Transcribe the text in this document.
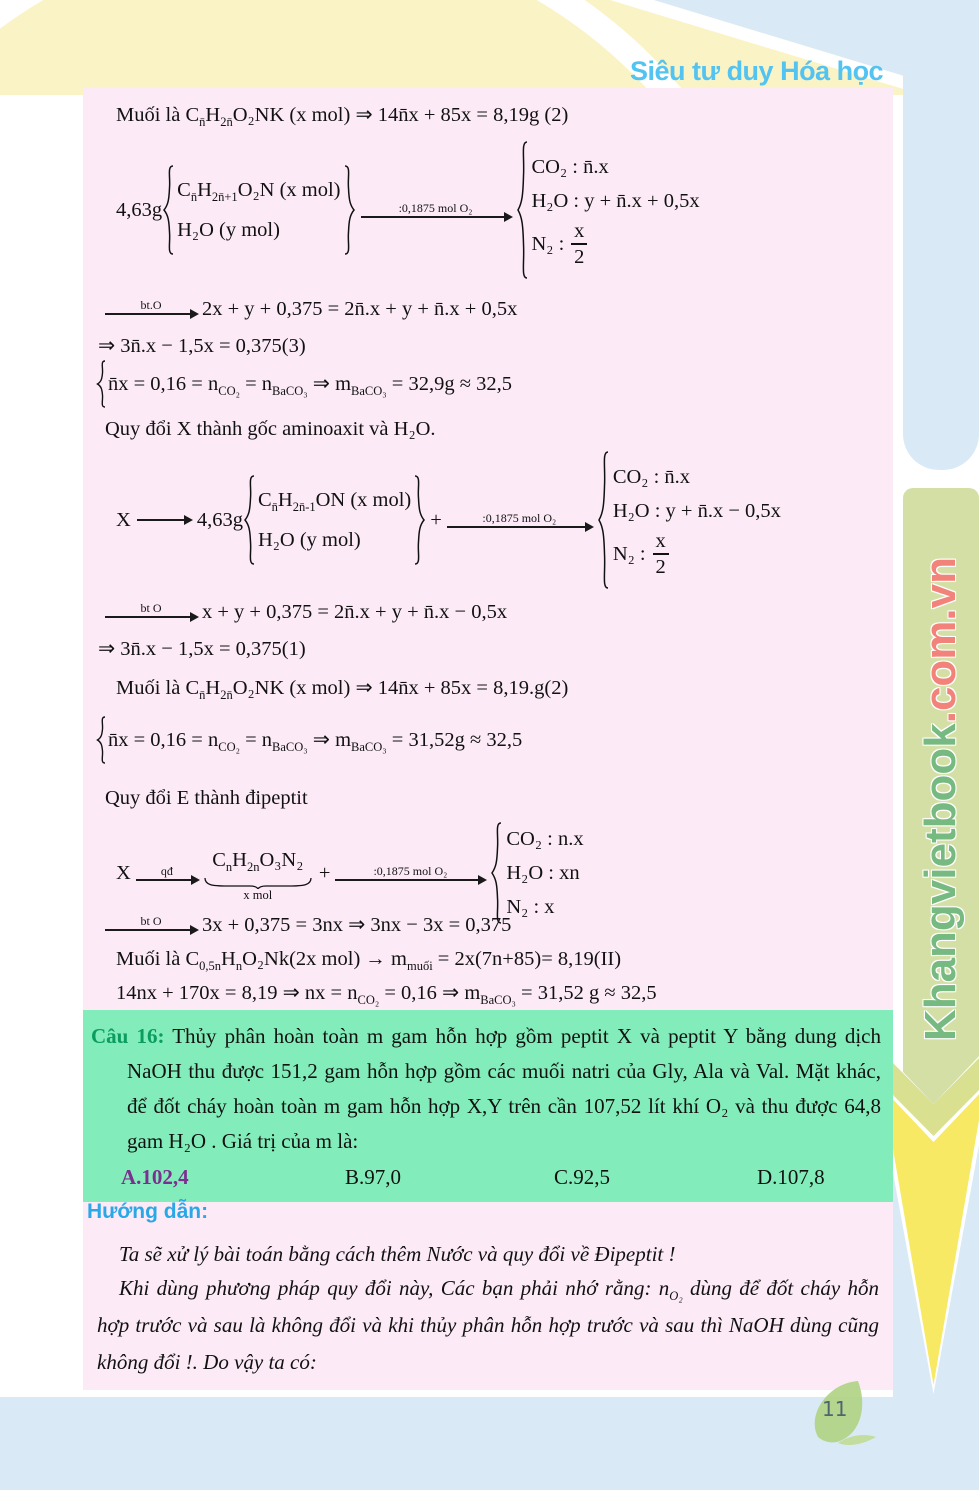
Siêu tư duy Hóa học
Khangvietbook.com.vn
11
Muối là $C_{n̄}H_{2n̄}O_2NK$ (x mol) ⇒ 14n̄x + 85x = 8,19g (2)
4,63g
$C_{n̄}H_{2n̄+1}O_2N$ (x mol)
H₂O (y mol)
:0,1875 mol O₂
CO₂ : n̄.x
H₂O : y + n̄.x + 0,5x
N₂ : $\frac{x}{2}$
bt.O 2x + y + 0,375 = 2n̄.x + y + n̄.x + 0,5x
⇒ 3n̄.x − 1,5x = 0,375(3)
n̄x = $0,16 = n_{CO_2} = n_{BaCO_3}$ ⇒ $m_{BaCO_3} = 32,9g \approx 32,5$
Quy đổi X thành gốc aminoaxit và H₂O.
X	4,63g
$C_{n̄}H_{2n̄-1}ON$ (x mol)
H₂O (y mol)
+	:0,1875 mol O₂
CO₂ : n̄.x
H₂O : y + n̄.x − 0,5x
N₂ : $\frac{x}{2}$
bt O x + y + 0,375 = 2n̄.x + y + n̄.x − 0,5x
⇒ 3n̄.x − 1,5x = 0,375(1)
Muối là $C_{n̄}H_{2n̄}O_2NK$ (x mol) ⇒ 14n̄x + 85x = 8,19.g(2)
n̄x = $0,16 = n_{CO_2} = n_{BaCO_3}$ ⇒ $m_{BaCO_3} = 31,52g \approx 32,5$
Quy đổi E thành đipeptit
X	qđ
$C_nH_{2n}O_3N_2$
x mol
+	:0,1875 mol O₂
CO₂ : n.x
H₂O : xn
N₂ : x
bt O 3x + 0,375 = 3nx ⇒ 3nx − 3x = 0,375
Muối là $C_{0,5n}H_nO_2Nk(2x$ $mol) \to m_{muối} = 2x(7n+85)= 8,19(II)$
14nx + 170x = 8,19 ⇒ nx = $n_{CO_2} = 0,16$ ⇒ $m_{BaCO_3} = 31,52$ g ≈ 32,5

Câu 16: Thủy phân hoàn toàn m gam hỗn hợp gồm peptit X và peptit Y bằng dung dịch NaOH thu được 151,2 gam hỗn hợp gồm các muối natri của Gly, Ala và Val. Mặt khác, để đốt cháy hoàn toàn m gam hỗn hợp X,Y trên cần 107,52 lít khí O₂ và thu được 64,8 gam H₂O . Giá trị của m là:

A.102,4	B.97,0	C.92,5	D.107,8
Hướng dẫn:
Ta sẽ xử lý bài toán bằng cách thêm Nước và quy đổi về Đipeptit !

Khi dùng phương pháp quy đổi này, Các bạn phải nhớ rằng: $n_{O_2}$ dùng để đốt cháy hỗn hợp trước và sau là không đổi và khi thủy phân hỗn hợp trước và sau thì NaOH dùng cũng không đổi !. Do vậy ta có:
